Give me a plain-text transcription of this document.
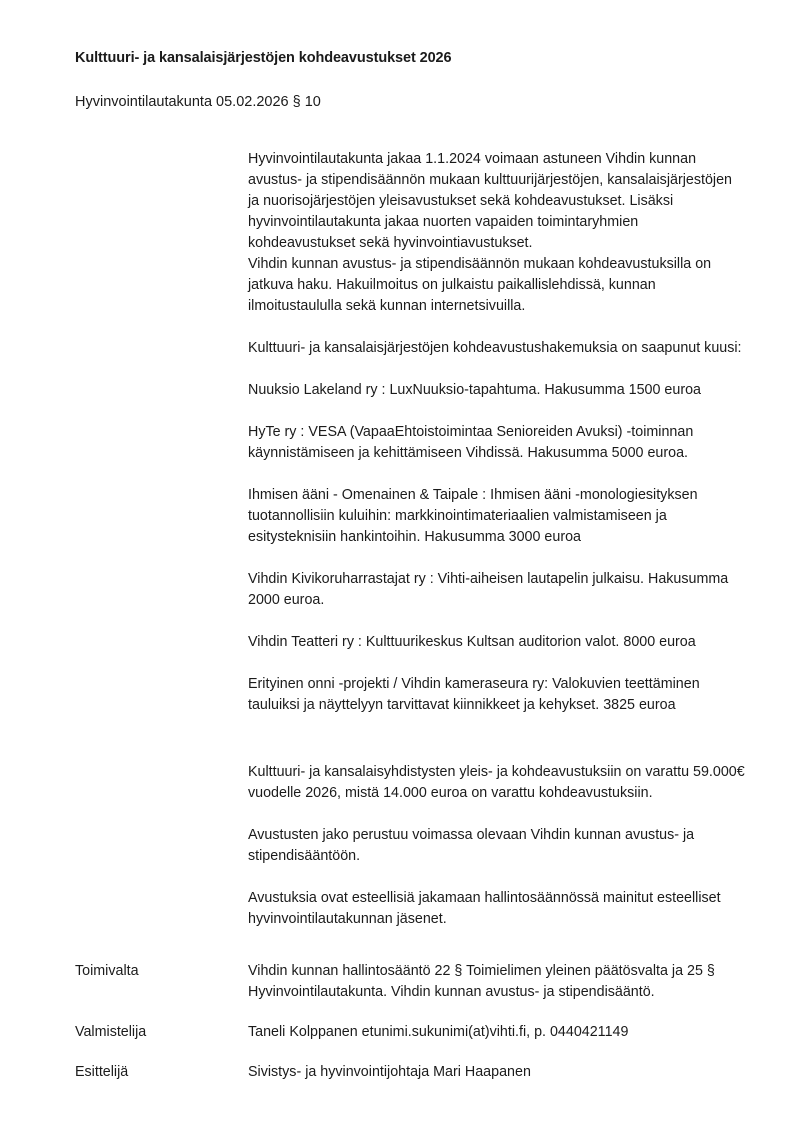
Kulttuuri- ja kansalaisjärjestöjen kohdeavustukset 2026

Hyvinvointilautakunta 05.02.2026 § 10

Hyvinvointilautakunta jakaa 1.1.2024 voimaan astuneen Vihdin kunnan avustus- ja stipendisäännön mukaan kulttuurijärjestöjen, kansalaisjärjestöjen ja nuorisojärjestöjen yleisavustukset sekä kohdeavustukset. Lisäksi hyvinvointilautakunta jakaa nuorten vapaiden toimintaryhmien kohdeavustukset sekä hyvinvointiavustukset.

Vihdin kunnan avustus- ja stipendisäännön mukaan kohdeavustuksilla on jatkuva haku. Hakuilmoitus on julkaistu paikallislehdissä, kunnan ilmoitustaululla sekä kunnan internetsivuilla.

Kulttuuri- ja kansalaisjärjestöjen kohdeavustushakemuksia on saapunut kuusi:

Nuuksio Lakeland ry : LuxNuuksio-tapahtuma. Hakusumma 1500 euroa

HyTe ry : VESA (VapaaEhtoistoimintaa Senioreiden Avuksi) -toiminnan käynnistämiseen ja kehittämiseen Vihdissä. Hakusumma 5000 euroa.

Ihmisen ääni - Omenainen & Taipale : Ihmisen ääni -monologiesityksen tuotannollisiin kuluihin: markkinointimateriaalien valmistamiseen ja esitysteknisiin hankintoihin. Hakusumma 3000 euroa

Vihdin Kivikoruharrastajat ry : Vihti-aiheisen lautapelin julkaisu. Hakusumma 2000 euroa.

Vihdin Teatteri ry : Kulttuurikeskus Kultsan auditorion valot. 8000 euroa

Erityinen onni -projekti / Vihdin kameraseura ry: Valokuvien teettäminen tauluiksi ja näyttelyyn tarvittavat kiinnikkeet ja kehykset. 3825 euroa

Kulttuuri- ja kansalaisyhdistysten yleis- ja kohdeavustuksiin on varattu 59.000€ vuodelle 2026, mistä 14.000 euroa on varattu kohdeavustuksiin.

Avustusten jako perustuu voimassa olevaan Vihdin kunnan avustus- ja stipendisääntöön.

Avustuksia ovat esteellisiä jakamaan hallintosäännössä mainitut esteelliset hyvinvointilautakunnan jäsenet.

Toimivalta	Vihdin kunnan hallintosääntö 22 § Toimielimen yleinen päätösvalta ja 25 § Hyvinvointilautakunta. Vihdin kunnan avustus- ja stipendisääntö.
Valmistelija	Taneli Kolppanen etunimi.sukunimi(at)vihti.fi, p. 0440421149
Esittelijä	Sivistys- ja hyvinvointijohtaja Mari Haapanen
